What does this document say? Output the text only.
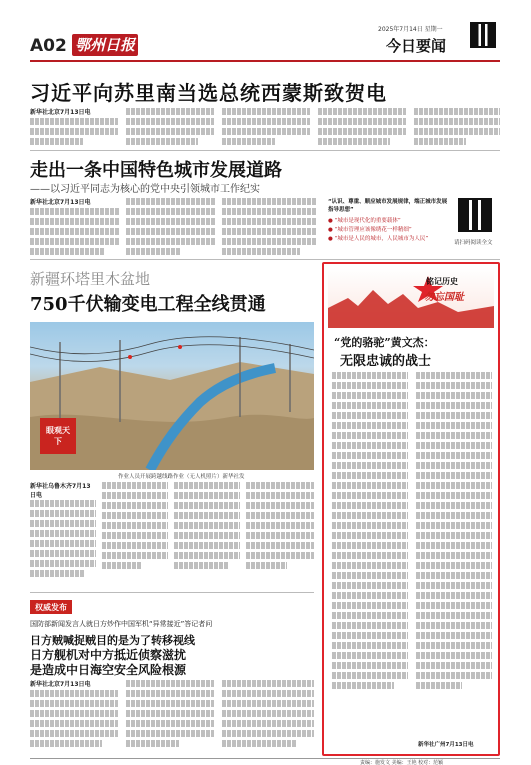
A02 鄂州日报
2025年7月14日 星期一
今日要闻
习近平向苏里南当选总统西蒙斯致贺电
新华社北京7月13日电
走出一条中国特色城市发展道路
——以习近平同志为核心的党中央引领城市工作纪实
新华社北京7月13日电	“认识、尊重、顺应城市发展规律，端正城市发展指导思想”
● “城市是现代化的重要载体”
● “城市管理应该像绣花一样精细”
● “城市是人民的城市，人民城市为人民”
请扫码阅读全文
新疆环塔里木盆地
750千伏输变电工程全线贯通
眼观天下
作业人员开展跨越线路作业（无人机照片）新华社发
新华社乌鲁木齐7月13日电
权威发布
国防部新闻发言人就日方炒作中国军机“异常接近”答记者问
日方贼喊捉贼目的是为了转移视线
日方舰机对中方抵近侦察滋扰
是造成中日海空安全风险根源
新华社北京7月13日电
铭记历史
勿忘国耻
“党的骆驼”黄文杰：
无限忠诚的战士
新华社广州7月13日电
责编：施发文 美编：王艳 校对：范颖
